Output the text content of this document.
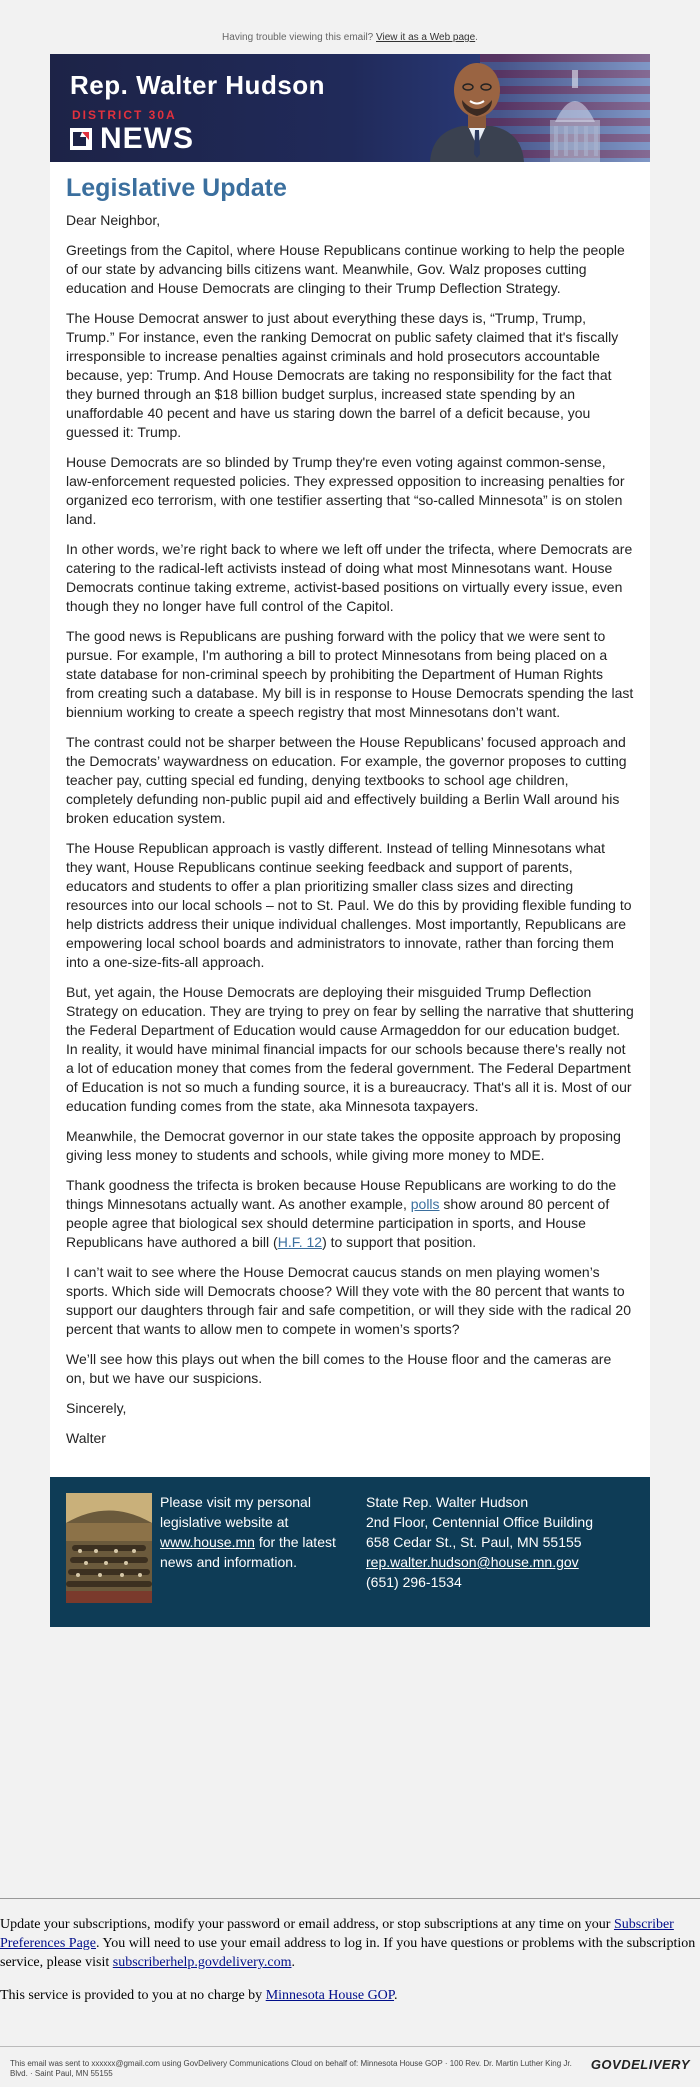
Having trouble viewing this email? View it as a Web page.
Rep. Walter Hudson
DISTRICT 30A
NEWS
Legislative Update

Dear Neighbor,

Greetings from the Capitol, where House Republicans continue working to help the people of our state by advancing bills citizens want. Meanwhile, Gov. Walz proposes cutting education and House Democrats are clinging to their Trump Deflection Strategy.

The House Democrat answer to just about everything these days is, “Trump, Trump, Trump.” For instance, even the ranking Democrat on public safety claimed that it's fiscally irresponsible to increase penalties against criminals and hold prosecutors accountable because, yep: Trump. And House Democrats are taking no responsibility for the fact that they burned through an $18 billion budget surplus, increased state spending by an unaffordable 40 pecent and have us staring down the barrel of a deficit because, you guessed it: Trump.

House Democrats are so blinded by Trump they're even voting against common-sense, law-enforcement requested policies. They expressed opposition to increasing penalties for organized eco terrorism, with one testifier asserting that “so-called Minnesota” is on stolen land.

In other words, we’re right back to where we left off under the trifecta, where Democrats are catering to the radical-left activists instead of doing what most Minnesotans want. House Democrats continue taking extreme, activist-based positions on virtually every issue, even though they no longer have full control of the Capitol.

The good news is Republicans are pushing forward with the policy that we were sent to pursue. For example, I'm authoring a bill to protect Minnesotans from being placed on a state database for non-criminal speech by prohibiting the Department of Human Rights from creating such a database. My bill is in response to House Democrats spending the last biennium working to create a speech registry that most Minnesotans don’t want.

The contrast could not be sharper between the House Republicans’ focused approach and the Democrats’ waywardness on education. For example, the governor proposes to cutting teacher pay, cutting special ed funding, denying textbooks to school age children, completely defunding non-public pupil aid and effectively building a Berlin Wall around his broken education system.

The House Republican approach is vastly different. Instead of telling Minnesotans what they want, House Republicans continue seeking feedback and support of parents, educators and students to offer a plan prioritizing smaller class sizes and directing resources into our local schools – not to St. Paul. We do this by providing flexible funding to help districts address their unique individual challenges. Most importantly, Republicans are empowering local school boards and administrators to innovate, rather than forcing them into a one-size-fits-all approach.

But, yet again, the House Democrats are deploying their misguided Trump Deflection Strategy on education. They are trying to prey on fear by selling the narrative that shuttering the Federal Department of Education would cause Armageddon for our education budget. In reality, it would have minimal financial impacts for our schools because there's really not a lot of education money that comes from the federal government. The Federal Department of Education is not so much a funding source, it is a bureaucracy. That's all it is. Most of our education funding comes from the state, aka Minnesota taxpayers.

Meanwhile, the Democrat governor in our state takes the opposite approach by proposing giving less money to students and schools, while giving more money to MDE.

Thank goodness the trifecta is broken because House Republicans are working to do the things Minnesotans actually want. As another example, polls show around 80 percent of people agree that biological sex should determine participation in sports, and House Republicans have authored a bill (H.F. 12) to support that position.

I can’t wait to see where the House Democrat caucus stands on men playing women’s sports. Which side will Democrats choose? Will they vote with the 80 percent that wants to support our daughters through fair and safe competition, or will they side with the radical 20 percent that wants to allow men to compete in women’s sports?

We’ll see how this plays out when the bill comes to the House floor and the cameras are on, but we have our suspicions.

Sincerely,

Walter

Please visit my personal legislative website at www.house.mn for the latest news and information.
State Rep. Walter Hudson
2nd Floor, Centennial Office Building
658 Cedar St., St. Paul, MN 55155
rep.walter.hudson@house.mn.gov
(651) 296-1534

Update your subscriptions, modify your password or email address, or stop subscriptions at any time on your Subscriber Preferences Page. You will need to use your email address to log in. If you have questions or problems with the subscription service, please visit subscriberhelp.govdelivery.com.

This service is provided to you at no charge by Minnesota House GOP.

This email was sent to xxxxxx@gmail.com using GovDelivery Communications Cloud on behalf of: Minnesota House GOP · 100 Rev. Dr. Martin Luther King Jr. Blvd. · Saint Paul, MN 55155
GOVDELIVERY
